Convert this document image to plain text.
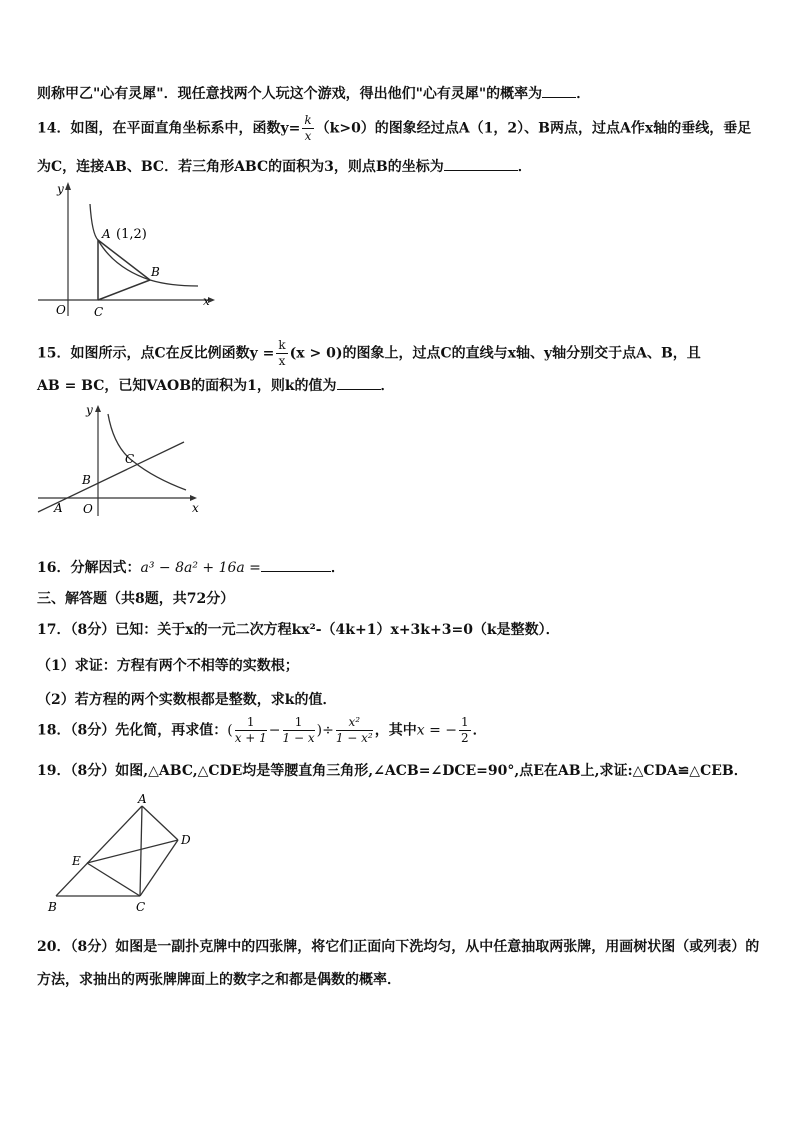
则称甲乙"心有灵犀"．现任意找两个人玩这个游戏，得出他们"心有灵犀"的概率为 ．
14．如图，在平面直角坐标系中，函数$y= \frac{k}{x} (k>0)$的图象经过点A（1，2）、B两点，过点A作x轴的垂线，垂足
为C，连接AB、BC．若三角形ABC的面积为3，则点B的坐标为	．
y
x
O
A (1,2)
B
C
15．如图所示，点C在反比例函数$y = \frac{k}{x} (x > 0)$的图象上，过点C的直线与x轴、y轴分别交于点A、B，且
AB = BC，已知VAOB的面积为1，则k的值为	．
y
x
O
A
B
C
16．分解因式：a³ − 8a² + 16a =	．
三、解答题（共8题，共72分）
17．（8分）已知：关于x的一元二次方程kx²-（4k+1）x+3k+3=0（k是整数）．
（1）求证：方程有两个不相等的实数根；
（2）若方程的两个实数根都是整数，求k的值．
18．（8分）先化简，再求值：( $\frac{1}{x + 1} - \frac{1}{1 - x}$ )÷ $\frac{\text{x²}}{\text{1 − x²}}$ ，其中x = − $\frac{1}{2}$ ．
19．（8分）如图,△ABC,△CDE均是等腰直角三角形,∠ACB=∠DCE=90°,点E在AB上,求证:△CDA≌△CEB．
A
B	C
D
E
20．（8分）如图是一副扑克牌中的四张牌，将它们正面向下洗均匀，从中任意抽取两张牌，用画树状图（或列表）的
方法，求抽出的两张牌牌面上的数字之和都是偶数的概率．
